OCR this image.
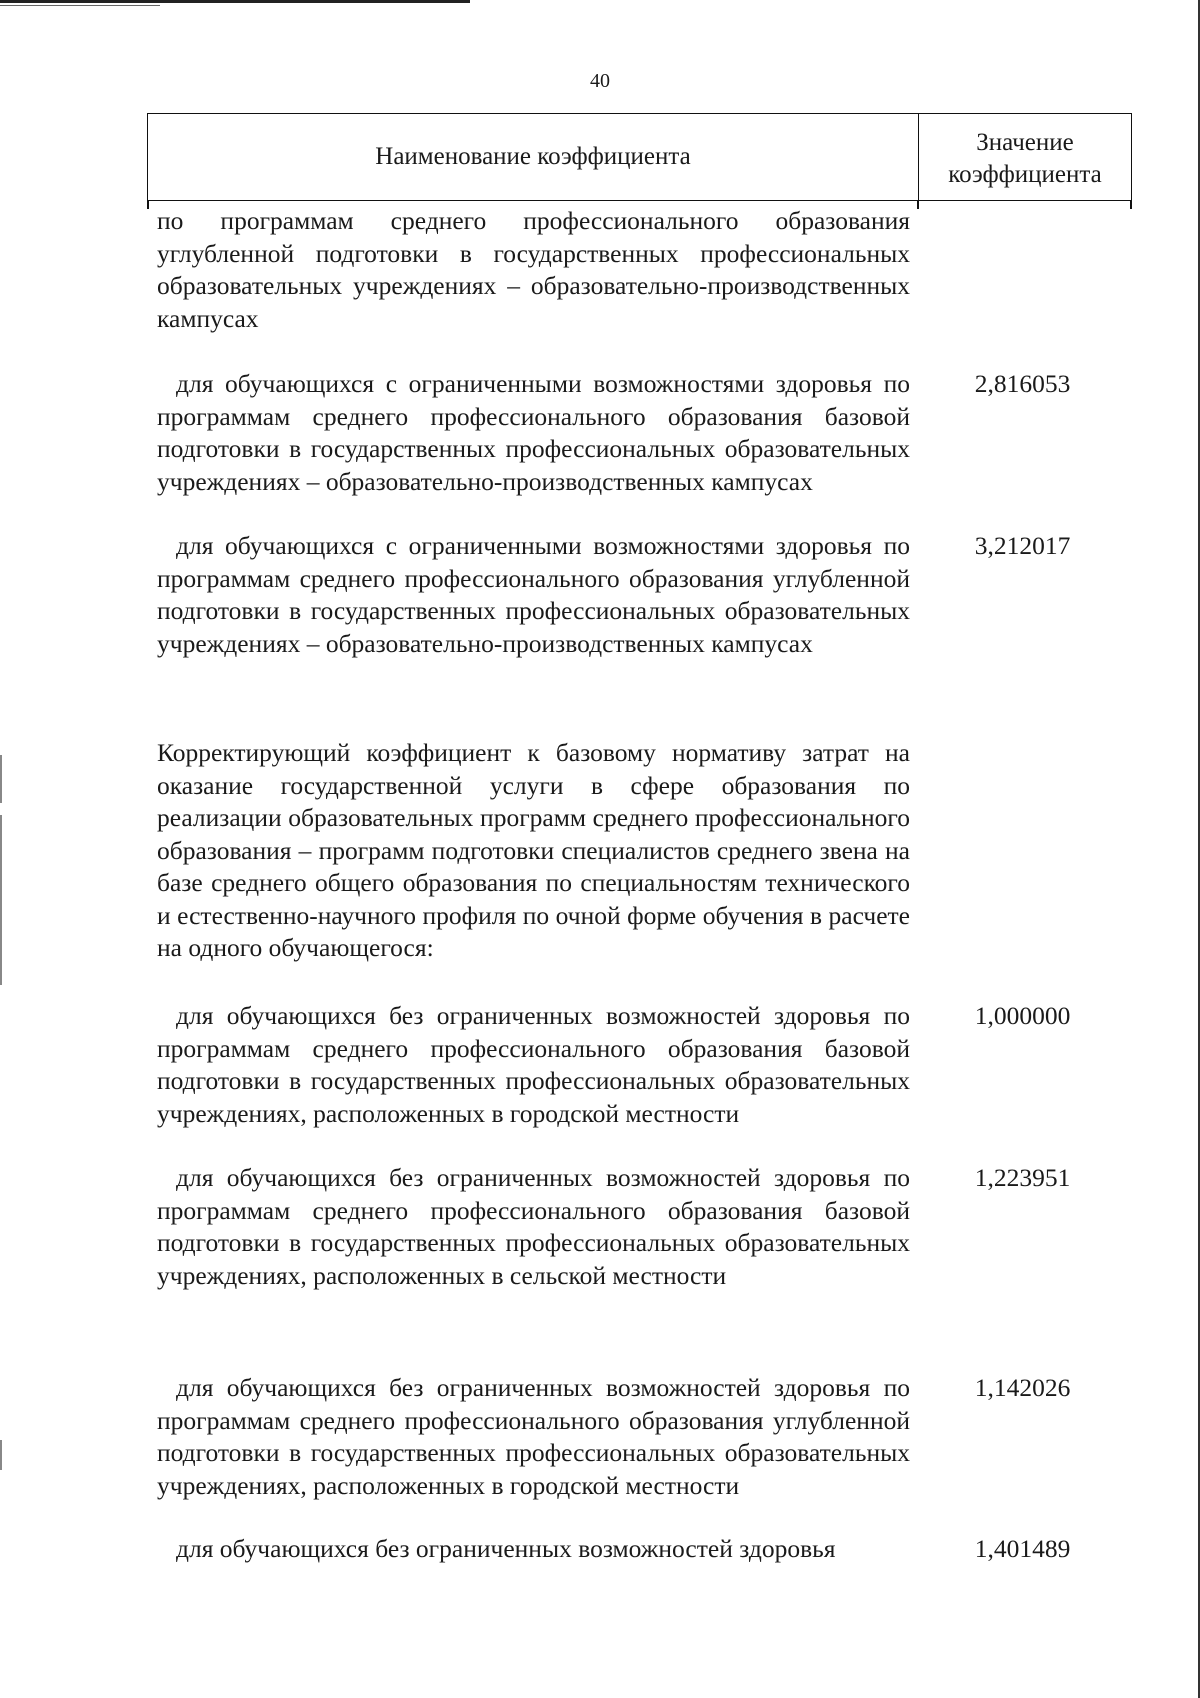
40
Наименование коэффициента
Значение коэффициента
по программам среднего профессионального образования углубленной подготовки в государственных профессиональных образовательных учреждениях – образовательно-производственных кампусах
для обучающихся с ограниченными возможностями здоровья по программам среднего профессионального образования базовой подготовки в государственных профессиональных образовательных учреждениях – образовательно-производственных кампусах
2,816053
для обучающихся с ограниченными возможностями здоровья по программам среднего профессионального образования углубленной подготовки в государственных профессиональных образовательных учреждениях – образовательно-производственных кампусах
3,212017
Корректирующий коэффициент к базовому нормативу затрат на оказание государственной услуги в сфере образования по реализации образовательных программ среднего профессионального образования – программ подготовки специалистов среднего звена на базе среднего общего образования по специальностям технического и естественно-научного профиля по очной форме обучения в расчете на одного обучающегося:
для обучающихся без ограниченных возможностей здоровья по программам среднего профессионального образования базовой подготовки в государственных профессиональных образовательных учреждениях, расположенных в городской местности
1,000000
для обучающихся без ограниченных возможностей здоровья по программам среднего профессионального образования базовой подготовки в государственных профессиональных образовательных учреждениях, расположенных в сельской местности
1,223951
для обучающихся без ограниченных возможностей здоровья по программам среднего профессионального образования углубленной подготовки в государственных профессиональных образовательных учреждениях, расположенных в городской местности
1,142026
для обучающихся без ограниченных возможностей здоровья	1,401489
